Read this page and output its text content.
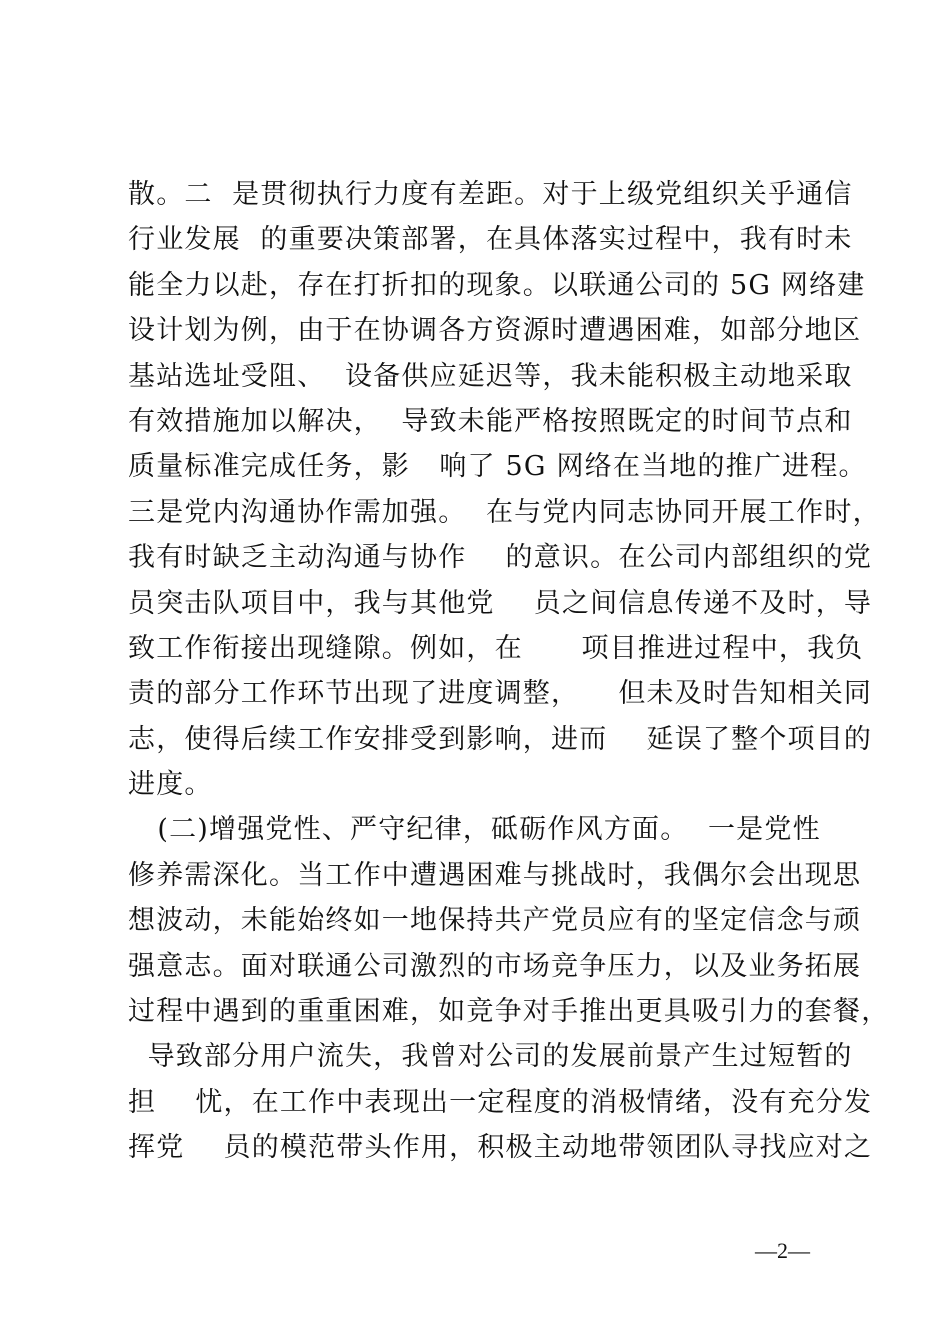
散。二  是贯彻执行力度有差距。对于上级党组织关乎通信
行业发展  的重要决策部署，在具体落实过程中，我有时未
能全力以赴，存在打折扣的现象。以联通公司的 5G 网络建
设计划为例，由于在协调各方资源时遭遇困难，如部分地区
基站选址受阻、  设备供应延迟等，我未能积极主动地采取
有效措施加以解决，  导致未能严格按照既定的时间节点和
质量标准完成任务，影   响了 5G 网络在当地的推广进程。
三是党内沟通协作需加强。  在与党内同志协同开展工作时，
我有时缺乏主动沟通与协作    的意识。在公司内部组织的党
员突击队项目中，我与其他党    员之间信息传递不及时，导
致工作衔接出现缝隙。例如，在      项目推进过程中，我负
责的部分工作环节出现了进度调整，    但未及时告知相关同
志，使得后续工作安排受到影响，进而    延误了整个项目的
进度。
(二)增强党性、严守纪律，砥砺作风方面。  一是党性
修养需深化。当工作中遭遇困难与挑战时，我偶尔会出现思
想波动，未能始终如一地保持共产党员应有的坚定信念与顽
强意志。面对联通公司激烈的市场竞争压力，以及业务拓展
过程中遇到的重重困难，如竞争对手推出更具吸引力的套餐，
导致部分用户流失，我曾对公司的发展前景产生过短暂的
担    忧，在工作中表现出一定程度的消极情绪，没有充分发
挥党    员的模范带头作用，积极主动地带领团队寻找应对之
—2—
